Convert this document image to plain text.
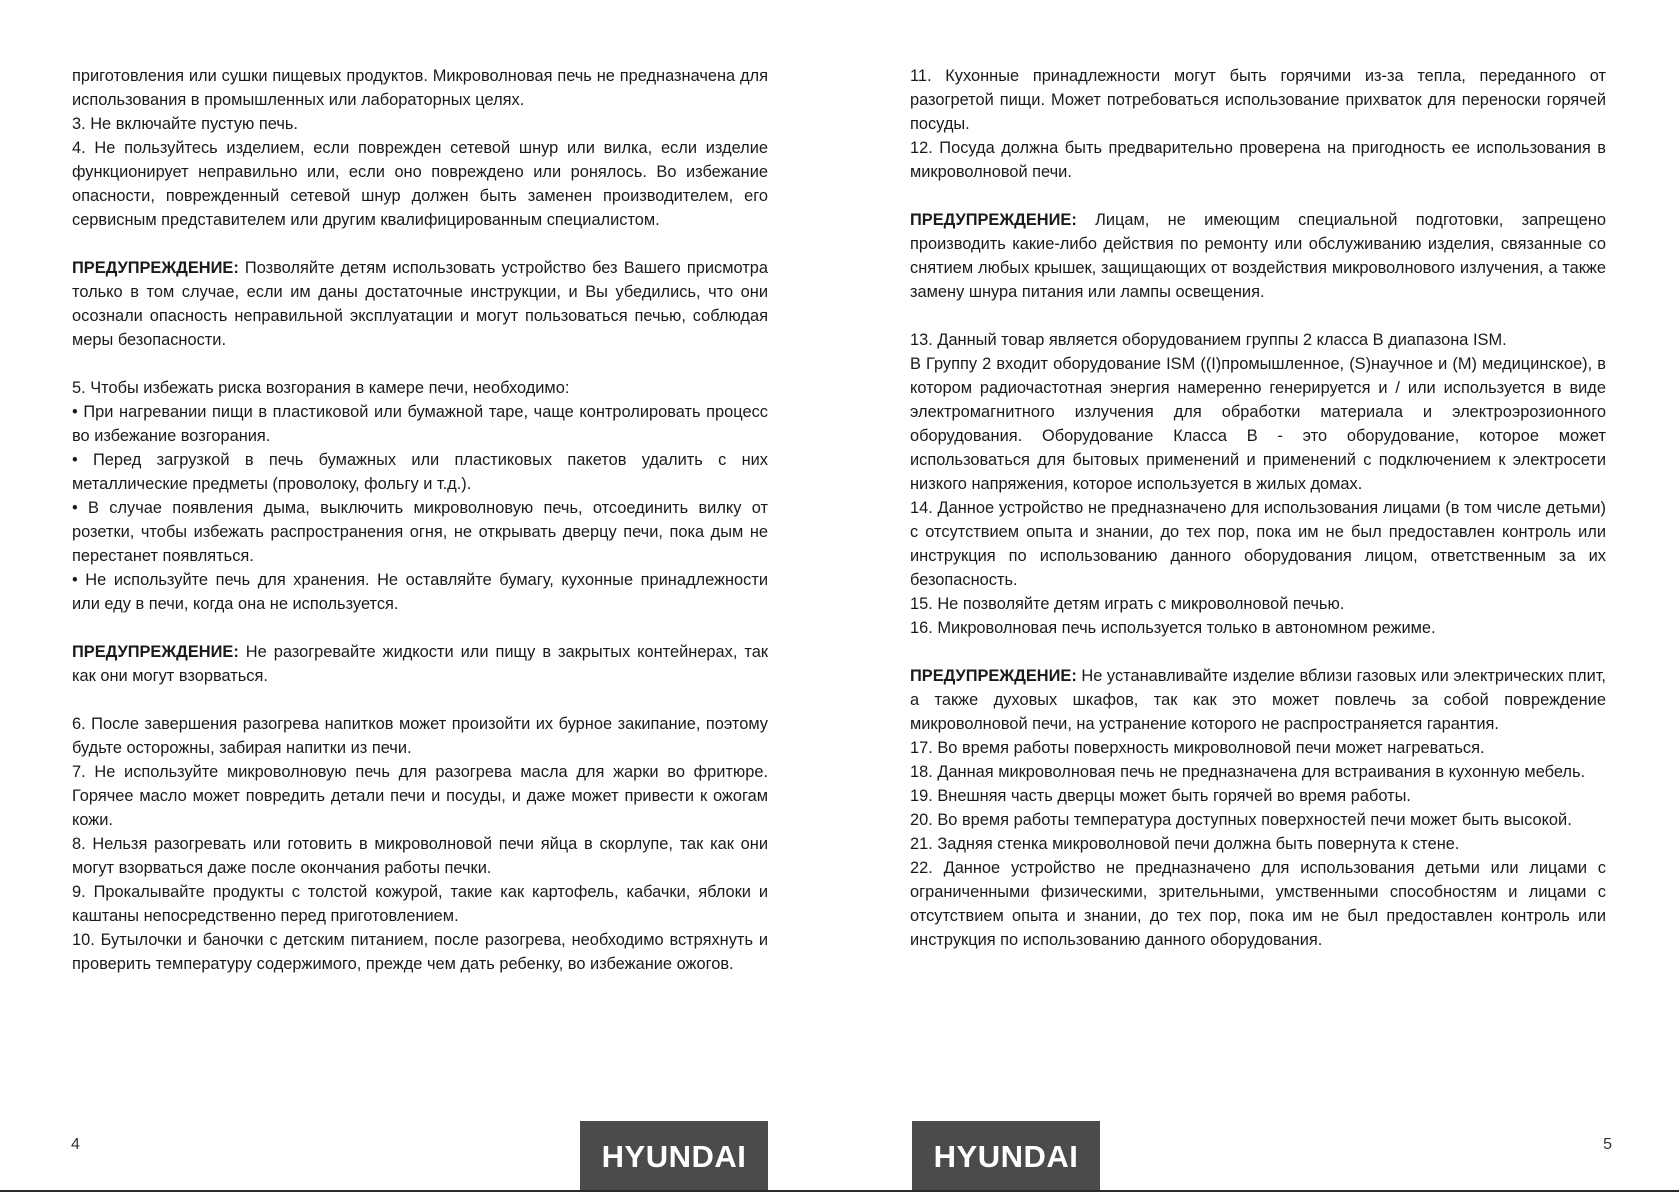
приготовления или сушки пищевых продуктов. Микроволновая печь не предназначена для использования в промышленных или лабораторных целях.

3. Не включайте пустую печь.

4. Не пользуйтесь изделием, если поврежден сетевой шнур или вилка, если изделие функционирует неправильно или, если оно повреждено или ронялось. Во избежание опасности, поврежденный сетевой шнур должен быть заменен производителем, его сервисным представителем или другим квалифицированным специалистом.

ПРЕДУПРЕЖДЕНИЕ: Позволяйте детям использовать устройство без Вашего присмотра только в том случае, если им даны достаточные инструкции, и Вы убедились, что они осознали опасность неправильной эксплуатации и могут пользоваться печью, соблюдая меры безопасности.

5. Чтобы избежать риска возгорания в камере печи, необходимо:

• При нагревании пищи в пластиковой или бумажной таре, чаще контролировать процесс во избежание возгорания.

• Перед загрузкой в печь бумажных или пластиковых пакетов удалить с них металлические предметы (проволоку, фольгу и т.д.).

• В случае появления дыма, выключить микроволновую печь, отсоединить вилку от розетки, чтобы избежать распространения огня, не открывать дверцу печи, пока дым не перестанет появляться.

• Не используйте печь для хранения. Не оставляйте бумагу, кухонные принадлежности или еду в печи, когда она не используется.

ПРЕДУПРЕЖДЕНИЕ: Не разогревайте жидкости или пищу в закрытых контейнерах, так как они могут взорваться.

6. После завершения разогрева напитков может произойти их бурное закипание, поэтому будьте осторожны, забирая напитки из печи.

7. Не используйте микроволновую печь для разогрева масла для жарки во фритюре. Горячее масло может повредить детали печи и посуды, и даже может привести к ожогам кожи.

8. Нельзя разогревать или готовить в микроволновой печи яйца в скорлупе, так как они могут взорваться даже после окончания работы печки.

9. Прокалывайте продукты с толстой кожурой, такие как картофель, кабачки, яблоки и каштаны непосредственно перед приготовлением.

10. Бутылочки и баночки с детским питанием, после разогрева, необходимо встряхнуть и проверить температуру содержимого, прежде чем дать ребенку, во избежание ожогов.

4	HYUNDAI

11. Кухонные принадлежности могут быть горячими из-за тепла, переданного от разогретой пищи. Может потребоваться использование прихваток для переноски горячей посуды.

12. Посуда должна быть предварительно проверена на пригодность ее использования в микроволновой печи.

ПРЕДУПРЕЖДЕНИЕ: Лицам, не имеющим специальной подготовки, запрещено производить какие-либо действия по ремонту или обслуживанию изделия, связанные со снятием любых крышек, защищающих от воздействия микроволнового излучения, а также замену шнура питания или лампы освещения.

13. Данный товар является оборудованием группы 2 класса B диапазона ISM.

В Группу 2 входит оборудование ISM ((I)промышленное, (S)научное и (M) медицинское), в котором радиочастотная энергия намеренно генерируется и / или используется в виде электромагнитного излучения для обработки материала и электроэрозионного оборудования. Оборудование Класса B - это оборудование, которое может использоваться для бытовых применений и применений с подключением к электросети низкого напряжения, которое используется в жилых домах.

14. Данное устройство не предназначено для использования лицами (в том числе детьми) с отсутствием опыта и знании, до тех пор, пока им не был предоставлен контроль или инструкция по использованию данного оборудования лицом, ответственным за их безопасность.

15. Не позволяйте детям играть с микроволновой печью.

16. Микроволновая печь используется только в автономном режиме.

ПРЕДУПРЕЖДЕНИЕ: Не устанавливайте изделие вблизи газовых или электрических плит, а также духовых шкафов, так как это может повлечь за собой повреждение микроволновой печи, на устранение которого не распространяется гарантия.

17. Во время работы поверхность микроволновой печи может нагреваться.

18. Данная микроволновая печь не предназначена для встраивания в кухонную мебель.

19. Внешняя часть дверцы может быть горячей во время работы.

20. Во время работы температура доступных поверхностей печи может быть высокой.

21. Задняя стенка микроволновой печи должна быть повернута к стене.

22. Данное устройство не предназначено для использования детьми или лицами с ограниченными физическими, зрительными, умственными способностям и лицами с отсутствием опыта и знании, до тех пор, пока им не был предоставлен контроль или инструкция по использованию данного оборудования.

5
HYUNDAI
